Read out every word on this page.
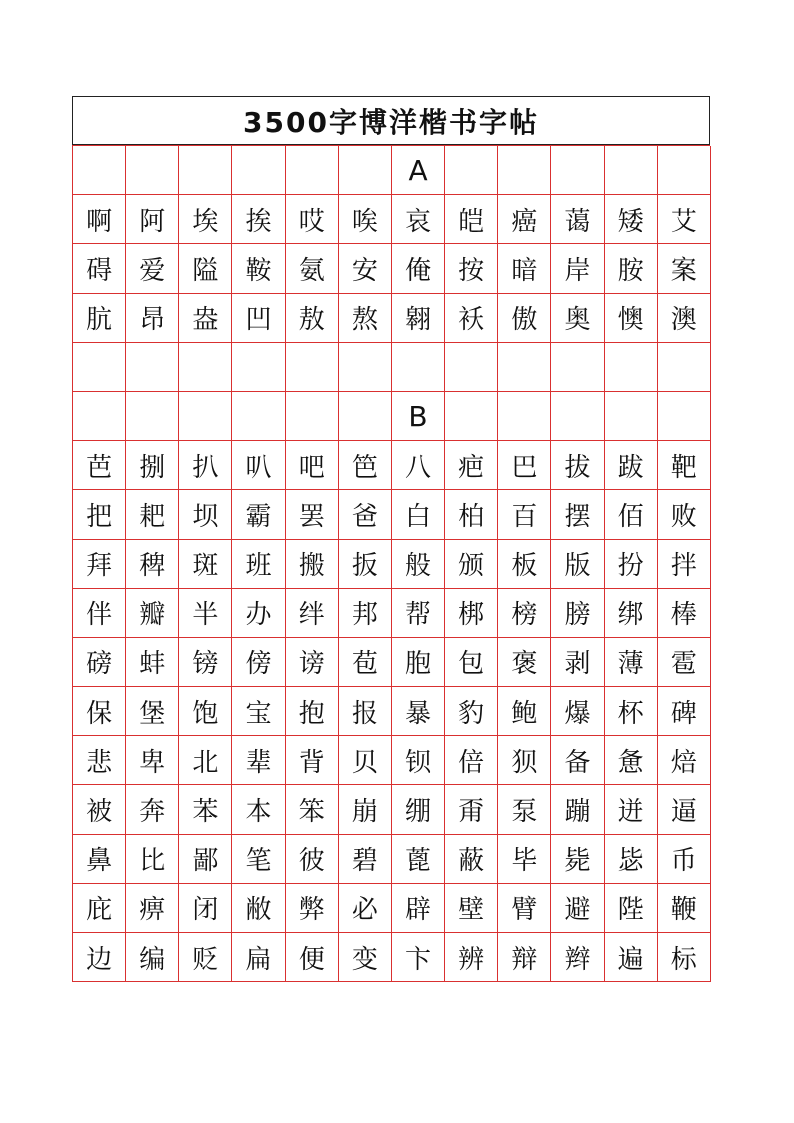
3500字博洋楷书字帖
A
啊	阿	埃	挨	哎	唉	哀	皑	癌	蔼	矮	艾
碍	爱	隘	鞍	氨	安	俺	按	暗	岸	胺	案
肮	昂	盎	凹	敖	熬	翱	袄	傲	奥	懊	澳
B
芭	捌	扒	叭	吧	笆	八	疤	巴	拔	跋	靶
把	耙	坝	霸	罢	爸	白	柏	百	摆	佰	败
拜	稗	斑	班	搬	扳	般	颁	板	版	扮	拌
伴	瓣	半	办	绊	邦	帮	梆	榜	膀	绑	棒
磅	蚌	镑	傍	谤	苞	胞	包	褒	剥	薄	雹
保	堡	饱	宝	抱	报	暴	豹	鲍	爆	杯	碑
悲	卑	北	辈	背	贝	钡	倍	狈	备	惫	焙
被	奔	苯	本	笨	崩	绷	甭	泵	蹦	迸	逼
鼻	比	鄙	笔	彼	碧	蓖	蔽	毕	毙	毖	币
庇	痹	闭	敝	弊	必	辟	壁	臂	避	陛	鞭
边	编	贬	扁	便	变	卞	辨	辩	辫	遍	标
